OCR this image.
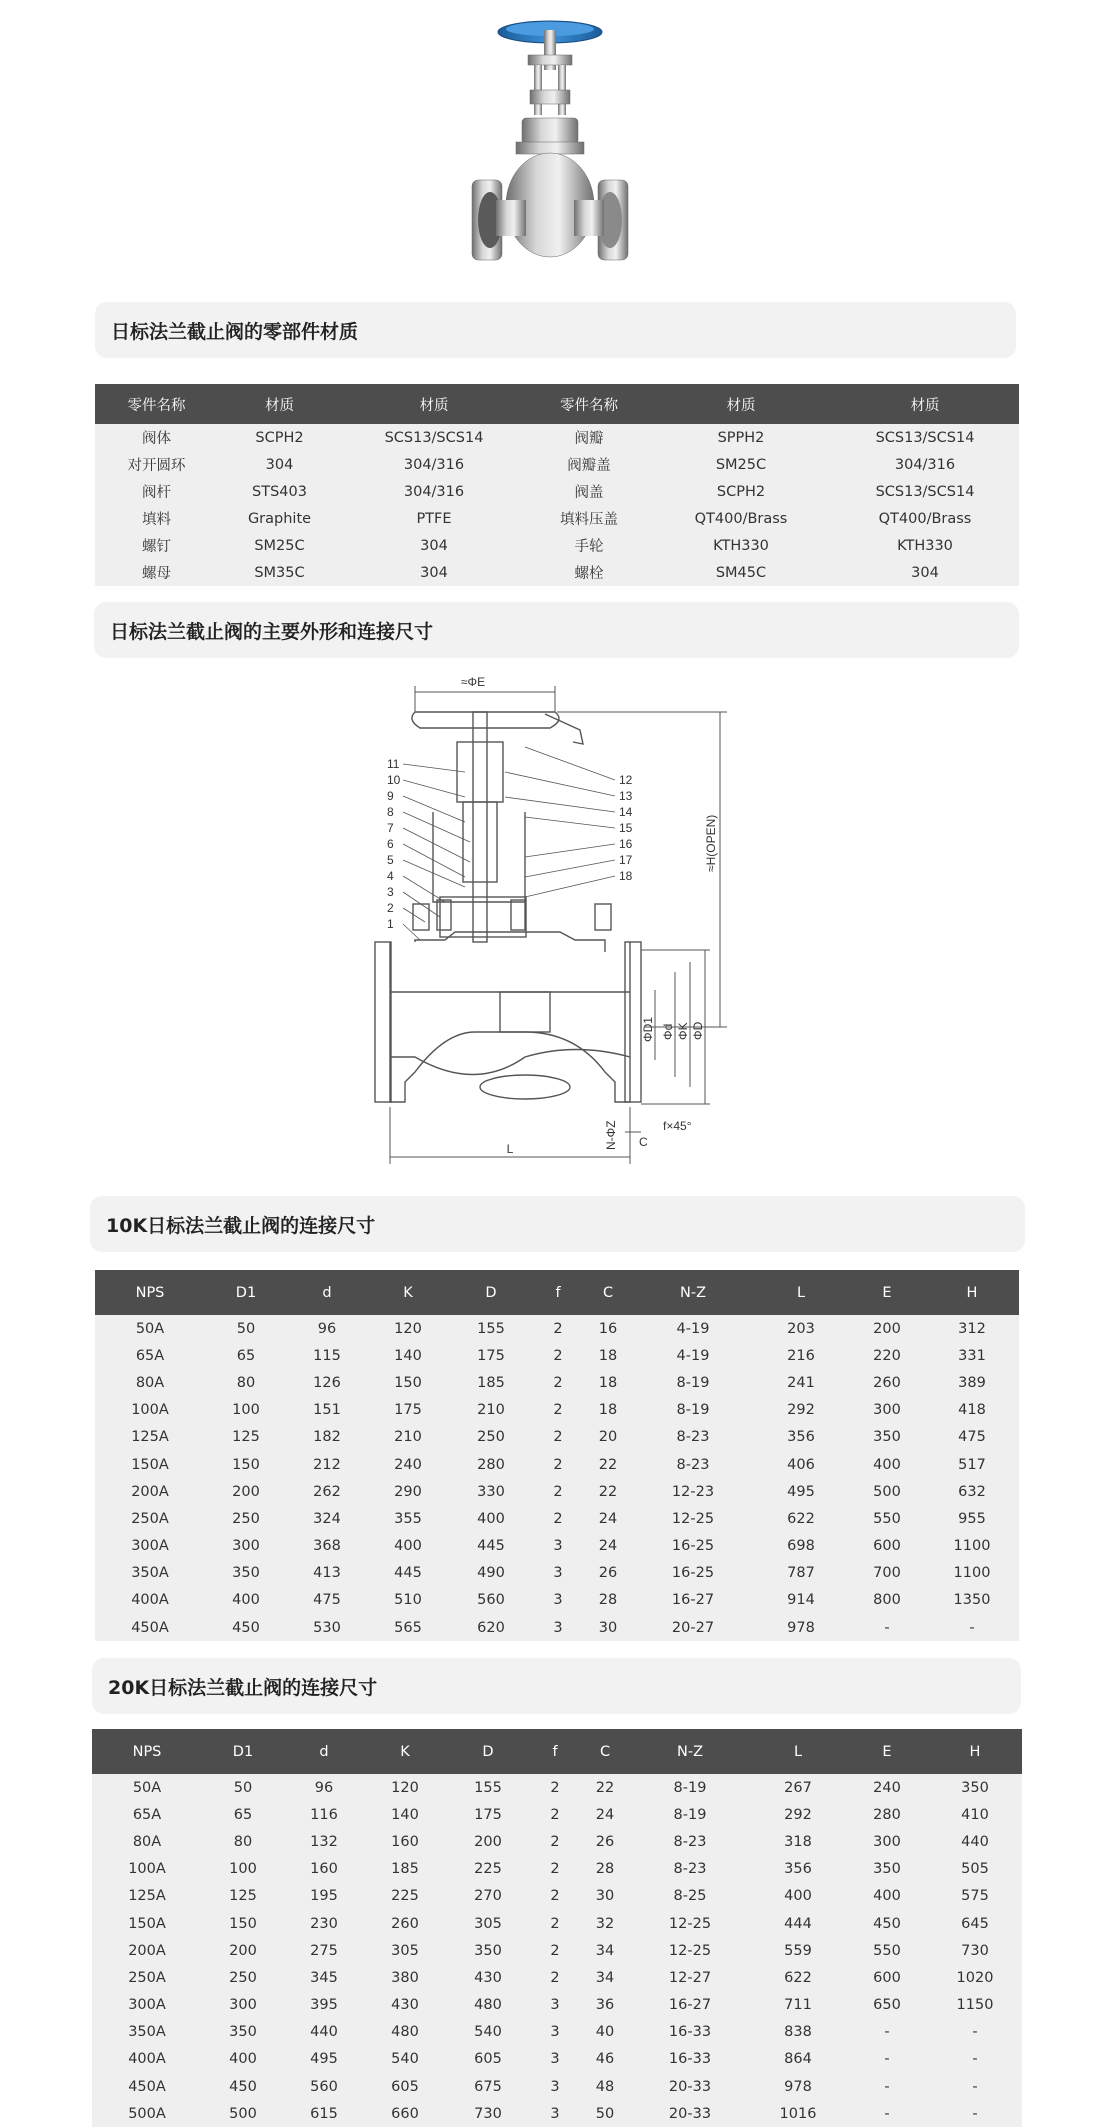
日标法兰截止阀的零部件材质
零件名称	材质	材质	零件名称	材质	材质
阀体	SCPH2	SCS13/SCS14	阀瓣	SPPH2	SCS13/SCS14
对开圆环	304	304/316	阀瓣盖	SM25C	304/316
阀杆	STS403	304/316	阀盖	SCPH2	SCS13/SCS14
填料	Graphite	PTFE	填料压盖	QT400/Brass	QT400/Brass
螺钉	SM25C	304	手轮	KTH330	KTH330
螺母	SM35C	304	螺栓	SM45C	304
日标法兰截止阀的主要外形和连接尺寸
≈ΦE
≈H(OPEN)
ΦD1 Φd ΦK ΦD
N-ΦZ	f×45°
C
L
11
10
9
8
7
6
5
4
3
2
1
12
13
14
15
16
17
18
10K日标法兰截止阀的连接尺寸
NPS	D1	d	K	D	f	C	N-Z	L	E	H
50A	50	96	120	155	2	16	4-19	203	200	312
65A	65	115	140	175	2	18	4-19	216	220	331
80A	80	126	150	185	2	18	8-19	241	260	389
100A	100	151	175	210	2	18	8-19	292	300	418
125A	125	182	210	250	2	20	8-23	356	350	475
150A	150	212	240	280	2	22	8-23	406	400	517
200A	200	262	290	330	2	22	12-23	495	500	632
250A	250	324	355	400	2	24	12-25	622	550	955
300A	300	368	400	445	3	24	16-25	698	600	1100
350A	350	413	445	490	3	26	16-25	787	700	1100
400A	400	475	510	560	3	28	16-27	914	800	1350
450A	450	530	565	620	3	30	20-27	978	-	-
20K日标法兰截止阀的连接尺寸
NPS	D1	d	K	D	f	C	N-Z	L	E	H
50A	50	96	120	155	2	22	8-19	267	240	350
65A	65	116	140	175	2	24	8-19	292	280	410
80A	80	132	160	200	2	26	8-23	318	300	440
100A	100	160	185	225	2	28	8-23	356	350	505
125A	125	195	225	270	2	30	8-25	400	400	575
150A	150	230	260	305	2	32	12-25	444	450	645
200A	200	275	305	350	2	34	12-25	559	550	730
250A	250	345	380	430	2	34	12-27	622	600	1020
300A	300	395	430	480	3	36	16-27	711	650	1150
350A	350	440	480	540	3	40	16-33	838	-	-
400A	400	495	540	605	3	46	16-33	864	-	-
450A	450	560	605	675	3	48	20-33	978	-	-
500A	500	615	660	730	3	50	20-33	1016	-	-
